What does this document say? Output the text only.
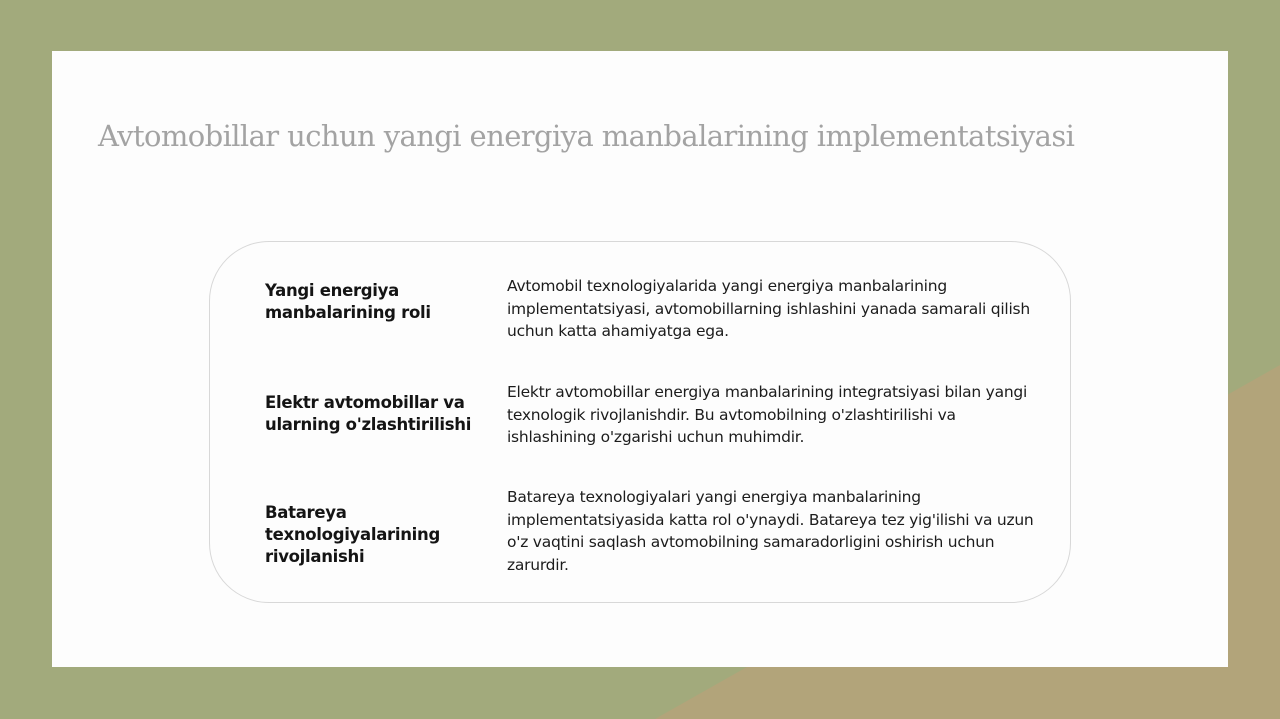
Avtomobillar uchun yangi energiya manbalarining implementatsiyasi

Yangi energiya manbalarining roli

Avtomobil texnologiyalarida yangi energiya manbalarining implementatsiyasi, avtomobillarning ishlashini yanada samarali qilish uchun katta ahamiyatga ega.

Elektr avtomobillar va ularning o'zlashtirilishi

Elektr avtomobillar energiya manbalarining integratsiyasi bilan yangi texnologik rivojlanishdir. Bu avtomobilning o'zlashtirilishi va ishlashining o'zgarishi uchun muhimdir.

Batareya texnologiyalarining rivojlanishi

Batareya texnologiyalari yangi energiya manbalarining implementatsiyasida katta rol o'ynaydi. Batareya tez yig'ilishi va uzun o'z vaqtini saqlash avtomobilning samaradorligini oshirish uchun zarurdir.
